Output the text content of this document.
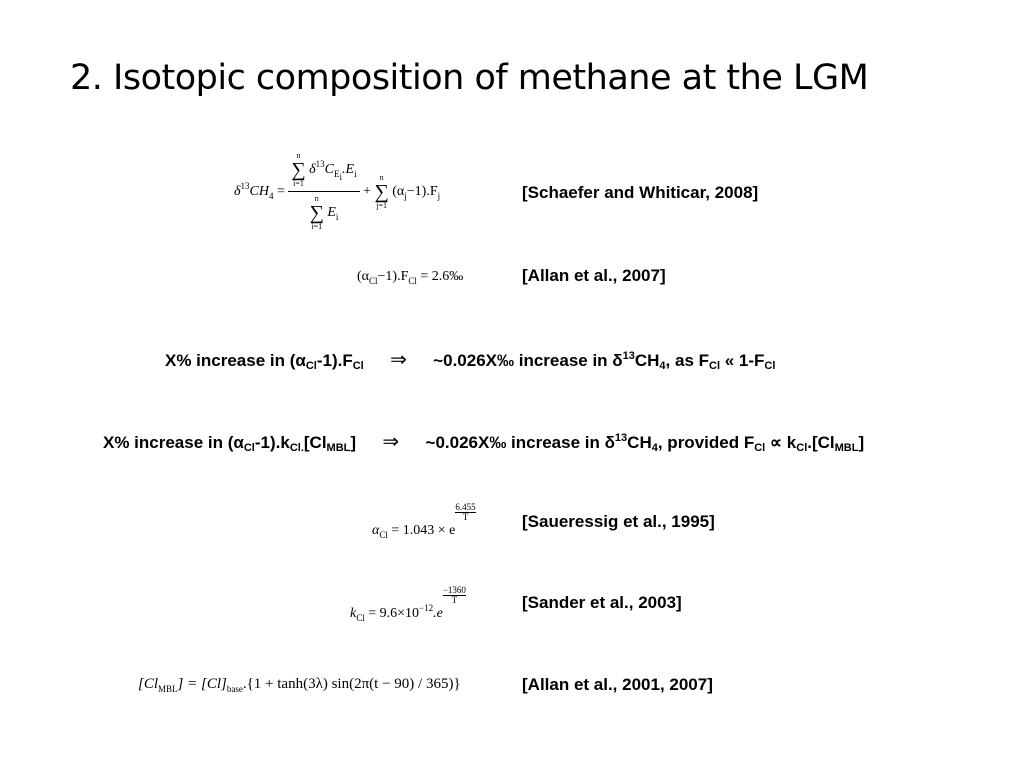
2. Isotopic composition of methane at the LGM
$\delta^{13}CH_4 = n$
∑
i=1
$\delta^{13}C_{Ei}.E_i$
n
∑
i=1
$E_i$ +
n
∑
j=1
$(\alpha_j-1).F_j$	[Schaefer and Whiticar, 2008]
$(\alpha_{Cl}-1).F_{Cl}$ = 2.6‰	[Allan et al., 2007]
X% increase in $(\alpha_{Cl}-1).F_{Cl}$ ⇒ ~0.026X‰ increase in $\delta^{13}CH_4$, as $F_{Cl}$ « $1-F_{Cl}$
X% increase in $(\alpha_{Cl}-1).k_{Cl.}[Cl_{MBL}]$ ⇒ ~0.026X‰ increase in $\delta^{13}CH_4$, provided $F_{Cl} \propto k_{Cl}.[Cl_{MBL}]$
$\alpha_{Cl} = 1.043 \times e$
$\frac{6.455}{T}$	[Saueressig et al., 1995]
$k_{Cl} = 9.6\times 10^{-12}.e$
$\frac{-1360}{T}$	[Sander et al., 2003]
$[Cl_{MBL}] = [Cl]_{base}.\{1 + \tanh(3\lambda) \sin(2\pi(t - 90) / 365)\}$	[Allan et al., 2001, 2007]
